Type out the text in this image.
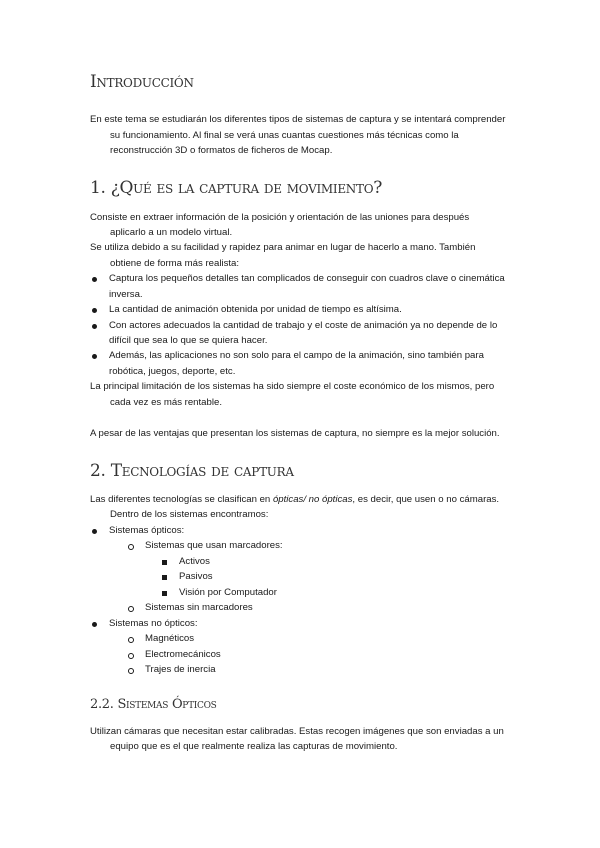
Introducción
En este tema se estudiarán los diferentes tipos de sistemas de captura y se intentará comprender
su funcionamiento. Al final se verá unas cuantas cuestiones más técnicas como la
reconstrucción 3D o formatos de ficheros de Mocap.
1. ¿Qué es la captura de movimiento?
Consiste en extraer información de la posición y orientación de las uniones para después
aplicarlo a un modelo virtual.
Se utiliza debido a su facilidad y rapidez para animar en lugar de hacerlo a mano. También
obtiene de forma más realista:
Captura los pequeños detalles tan complicados de conseguir con cuadros clave o cinemática
inversa.
La cantidad de animación obtenida por unidad de tiempo es altísima.
Con actores adecuados la cantidad de trabajo y el coste de animación ya no depende de lo
difícil que sea lo que se quiera hacer.
Además, las aplicaciones no son solo para el campo de la animación, sino también para
robótica, juegos, deporte, etc.
La principal limitación de los sistemas ha sido siempre el coste económico de los mismos, pero
cada vez es más rentable.
A pesar de las ventajas que presentan los sistemas de captura, no siempre es la mejor solución.
2. Tecnologías de captura
Las diferentes tecnologías se clasifican en ópticas/ no ópticas, es decir, que usen o no cámaras.
Dentro de los sistemas encontramos:
Sistemas ópticos:
Sistemas que usan marcadores:
Activos
Pasivos
Visión por Computador
Sistemas sin marcadores
Sistemas no ópticos:
Magnéticos
Electromecánicos
Trajes de inercia
2.2. Sistemas Ópticos
Utilizan cámaras que necesitan estar calibradas. Estas recogen imágenes que son enviadas a un
equipo que es el que realmente realiza las capturas de movimiento.
